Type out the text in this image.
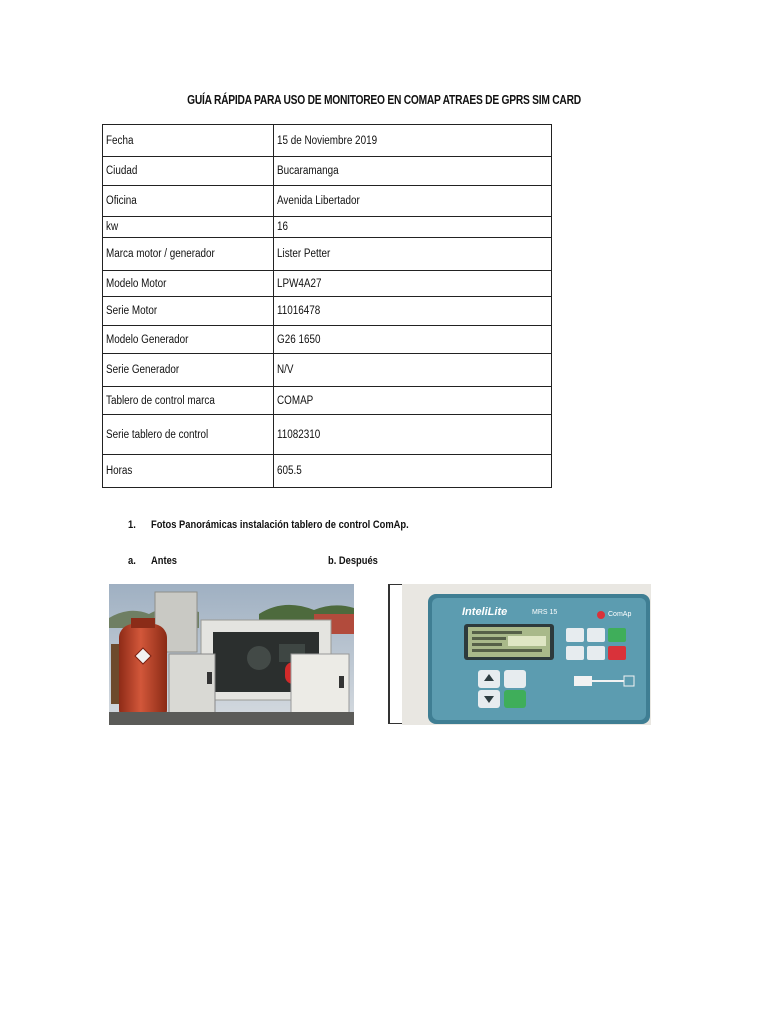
GUÍA RÁPIDA PARA USO DE MONITOREO EN COMAP ATRAES DE GPRS SIM CARD
Fecha	15 de Noviembre 2019
Ciudad	Bucaramanga
Oficina	Avenida Libertador
kw	16
Marca motor / generador	Lister Petter
Modelo Motor	LPW4A27
Serie Motor	11016478
Modelo Generador	G26 1650
Serie Generador	N/V
Tablero de control marca	COMAP
Serie tablero de control	11082310
Horas	605.5
1. Fotos Panorámicas instalación tablero de control ComAp.
a. Antes	b. Después
InteliLite	MRS 15	ComAp
